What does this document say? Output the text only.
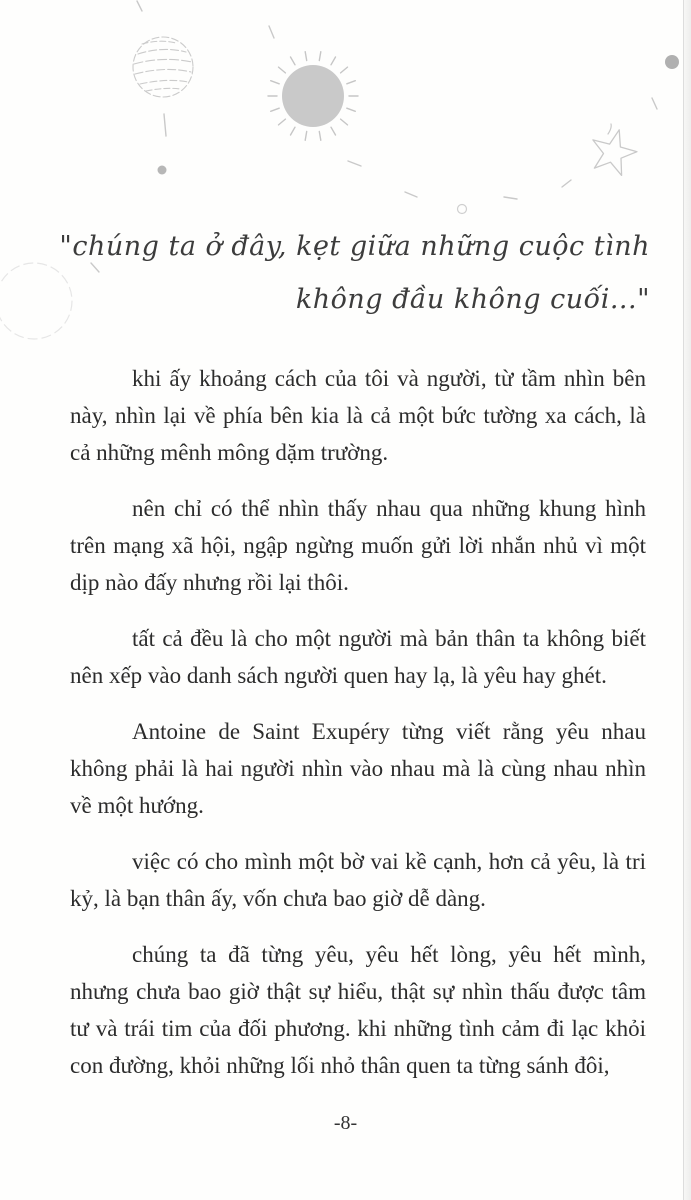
"chúng ta ở đây, kẹt giữa những cuộc tình
không đầu không cuối..."

khi ấy khoảng cách của tôi và người, từ tầm nhìn bên này, nhìn lại về phía bên kia là cả một bức tường xa cách, là cả những mênh mông dặm trường.

nên chỉ có thể nhìn thấy nhau qua những khung hình trên mạng xã hội, ngập ngừng muốn gửi lời nhắn nhủ vì một dịp nào đấy nhưng rồi lại thôi.

tất cả đều là cho một người mà bản thân ta không biết nên xếp vào danh sách người quen hay lạ, là yêu hay ghét.

Antoine de Saint Exupéry từng viết rằng yêu nhau không phải là hai người nhìn vào nhau mà là cùng nhau nhìn về một hướng.

việc có cho mình một bờ vai kề cạnh, hơn cả yêu, là tri kỷ, là bạn thân ấy, vốn chưa bao giờ dễ dàng.

chúng ta đã từng yêu, yêu hết lòng, yêu hết mình, nhưng chưa bao giờ thật sự hiểu, thật sự nhìn thấu được tâm tư và trái tim của đối phương. khi những tình cảm đi lạc khỏi con đường, khỏi những lối nhỏ thân quen ta từng sánh đôi,

-8-
